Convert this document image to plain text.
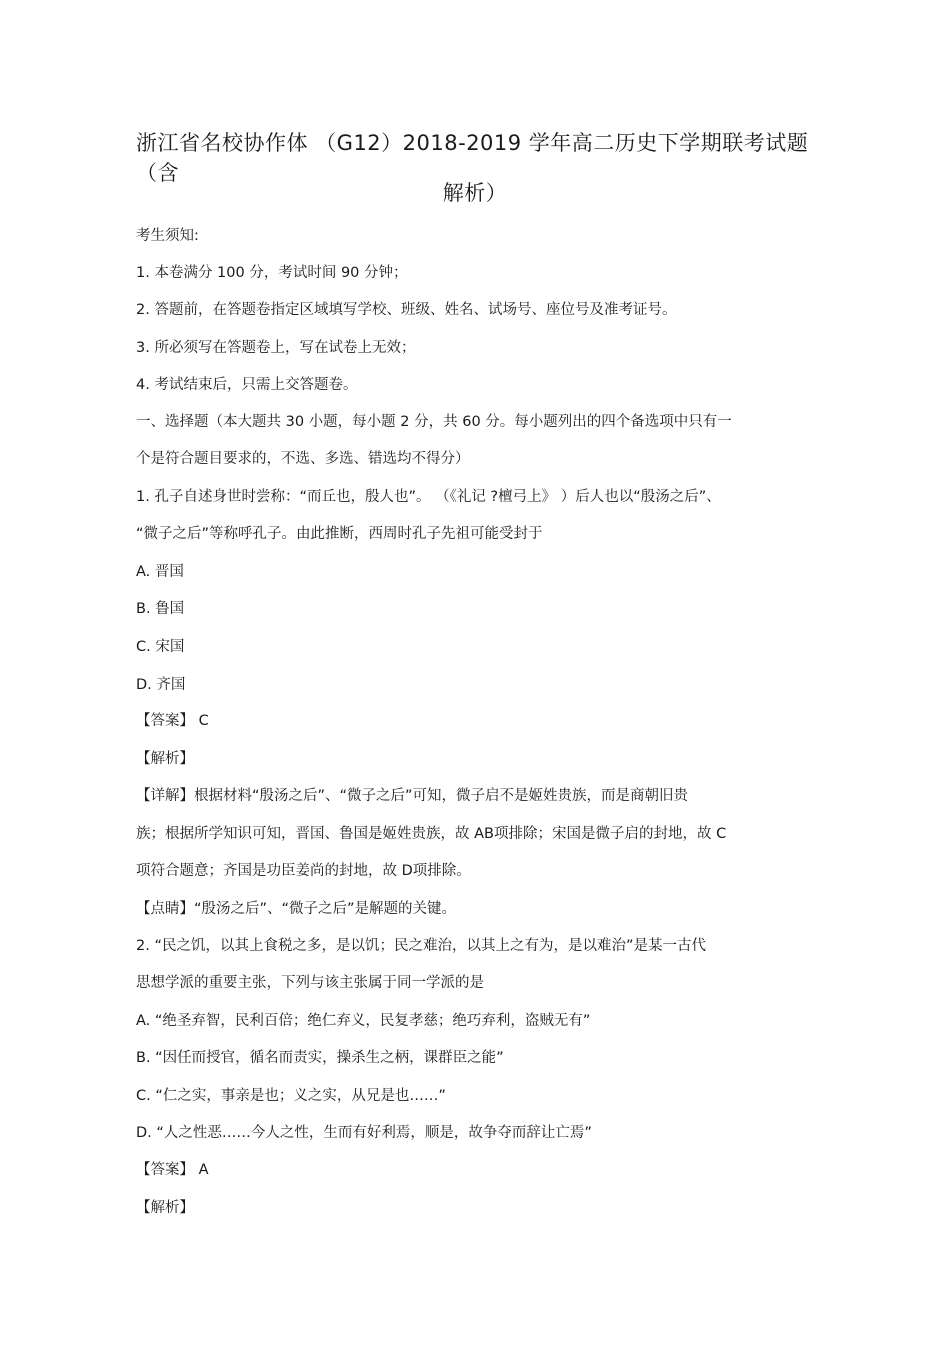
浙江省名校协作体 （G12）2018-2019 学年高二历史下学期联考试题 （含
解析）
考生须知:
1. 本卷满分 100 分，考试时间 90 分钟；
2. 答题前，在答题卷指定区域填写学校、班级、姓名、试场号、座位号及准考证号。
3. 所必须写在答题卷上，写在试卷上无效；
4. 考试结束后，只需上交答题卷。
一、选择题（本大题共 30 小题，每小题 2 分，共 60 分。每小题列出的四个备选项中只有一
个是符合题目要求的，不选、多选、错选均不得分）
1. 孔子自述身世时尝称：“而丘也，殷人也”。 （《礼记 ?檀弓上》 ）后人也以“殷汤之后”、
“微子之后”等称呼孔子。由此推断，西周时孔子先祖可能受封于
A. 晋国
B. 鲁国
C. 宋国
D. 齐国
【答案】 C
【解析】
【详解】根据材料“殷汤之后”、“微子之后”可知，微子启不是姬姓贵族，而是商朝旧贵
族；根据所学知识可知，晋国、鲁国是姬姓贵族，故 AB项排除；宋国是微子启的封地，故 C
项符合题意；齐国是功臣姜尚的封地，故 D项排除。
【点睛】“殷汤之后”、“微子之后”是解题的关键。
2. “民之饥，以其上食税之多，是以饥；民之难治，以其上之有为，是以难治”是某一古代
思想学派的重要主张，下列与该主张属于同一学派的是
A. “绝圣弃智，民利百倍；绝仁弃义，民复孝慈；绝巧弃利，盗贼无有”
B. “因任而授官，循名而责实，操杀生之柄，课群臣之能”
C. “仁之实，事亲是也；义之实，从兄是也……”
D. “人之性恶……今人之性，生而有好利焉，顺是，故争夺而辞让亡焉”
【答案】 A
【解析】
